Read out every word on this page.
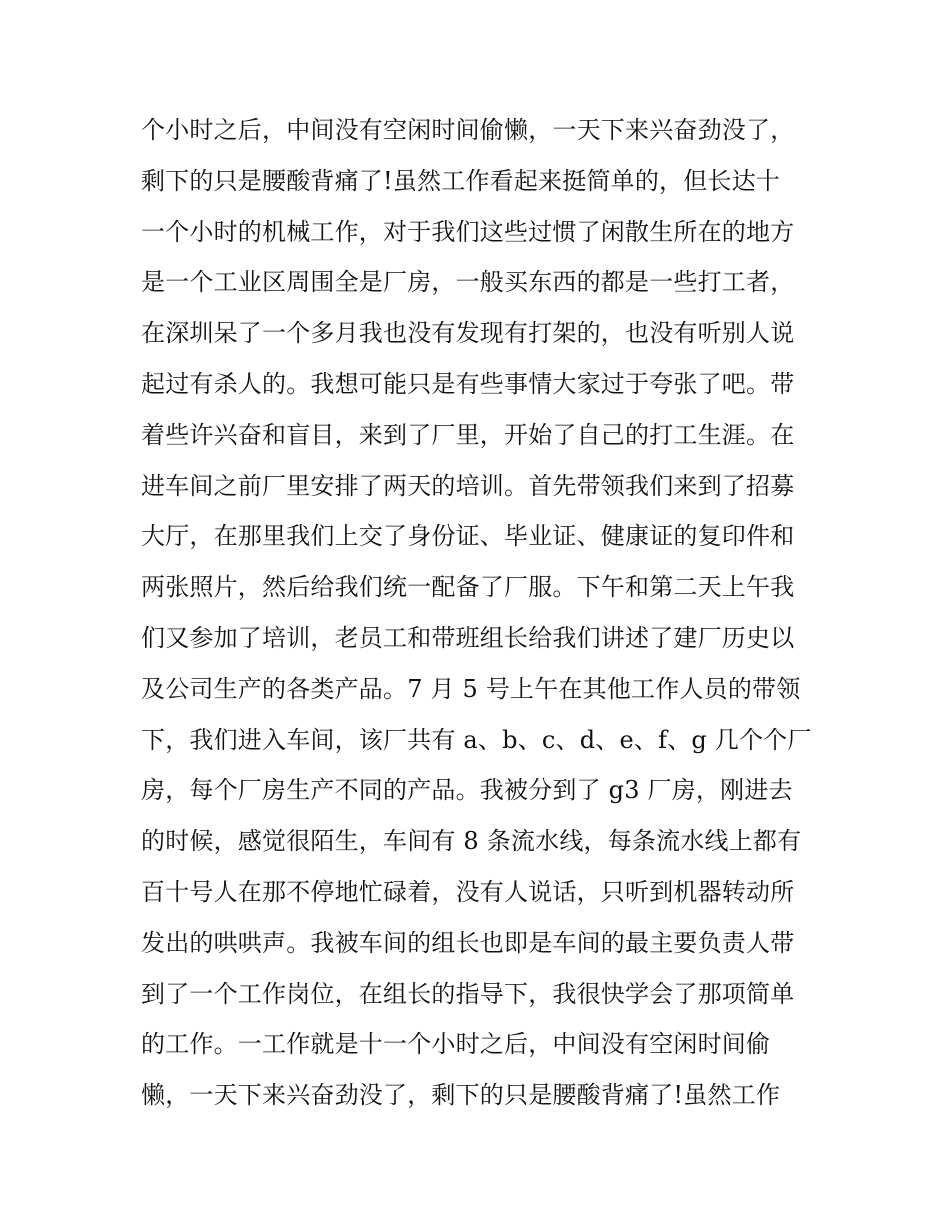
个小时之后，中间没有空闲时间偷懒，一天下来兴奋劲没了，
剩下的只是腰酸背痛了!虽然工作看起来挺简单的，但长达十
一个小时的机械工作，对于我们这些过惯了闲散生所在的地方
是一个工业区周围全是厂房，一般买东西的都是一些打工者，
在深圳呆了一个多月我也没有发现有打架的，也没有听别人说
起过有杀人的。我想可能只是有些事情大家过于夸张了吧。带
着些许兴奋和盲目，来到了厂里，开始了自己的打工生涯。在
进车间之前厂里安排了两天的培训。首先带领我们来到了招募
大厅，在那里我们上交了身份证、毕业证、健康证的复印件和
两张照片，然后给我们统一配备了厂服。下午和第二天上午我
们又参加了培训，老员工和带班组长给我们讲述了建厂历史以
及公司生产的各类产品。7 月 5 号上午在其他工作人员的带领
下，我们进入车间，该厂共有 a、b、c、d、e、f、g 几个个厂
房，每个厂房生产不同的产品。我被分到了 g3 厂房，刚进去
的时候，感觉很陌生，车间有 8 条流水线，每条流水线上都有
百十号人在那不停地忙碌着，没有人说话，只听到机器转动所
发出的哄哄声。我被车间的组长也即是车间的最主要负责人带
到了一个工作岗位，在组长的指导下，我很快学会了那项简单
的工作。一工作就是十一个小时之后，中间没有空闲时间偷
懒，一天下来兴奋劲没了，剩下的只是腰酸背痛了!虽然工作
